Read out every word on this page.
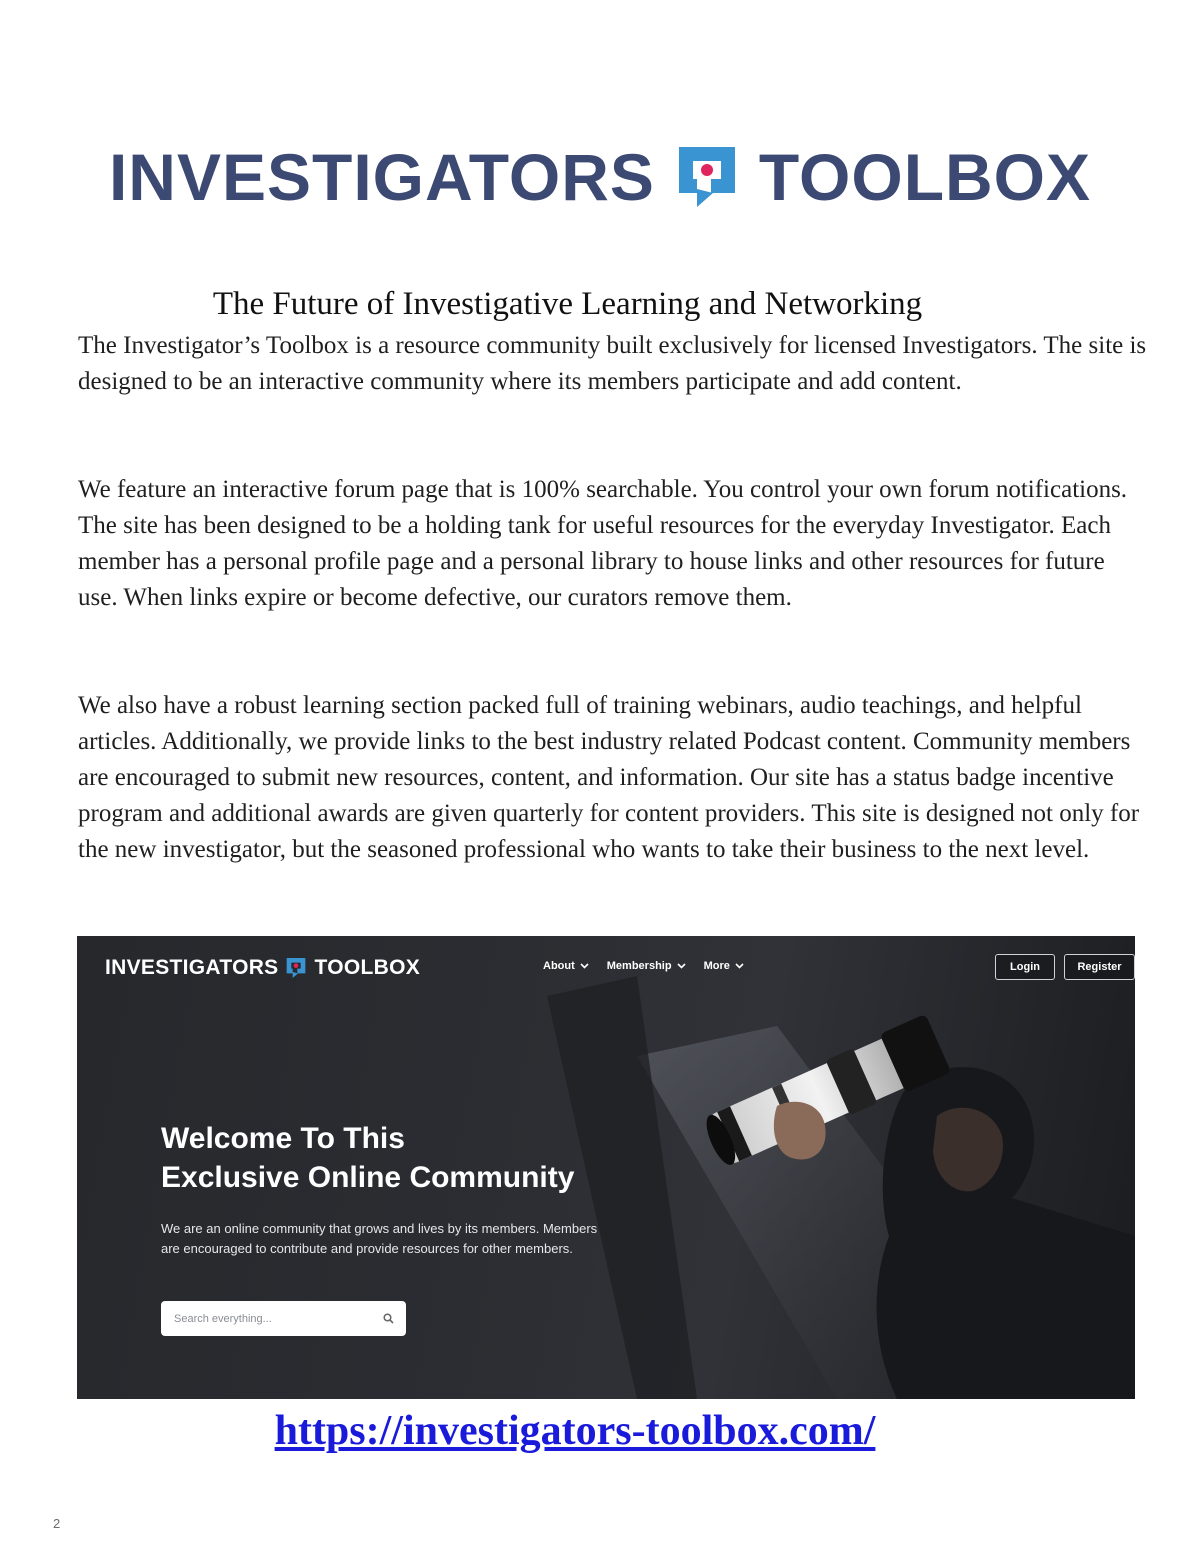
INVESTIGATORS TOOLBOX
The Future of Investigative Learning and Networking

The Investigator’s Toolbox is a resource community built exclusively for licensed Investigators. The site is designed to be an interactive community where its members participate and add content.

We feature an interactive forum page that is 100% searchable. You control your own forum notifications. The site has been designed to be a holding tank for useful resources for the everyday Investigator. Each member has a personal profile page and a personal library to house links and other resources for future use. When links expire or become defective, our curators remove them.

We also have a robust learning section packed full of training webinars, audio teachings, and helpful articles. Additionally, we provide links to the best industry related Podcast content. Community members are encouraged to submit new resources, content, and information. Our site has a status badge incentive program and additional awards are given quarterly for content providers. This site is designed not only for the new investigator, but the seasoned professional who wants to take their business to the next level.

INVESTIGATORS TOOLBOX	About	Membership	More	Login	Register
Welcome To This
Exclusive Online Community

We are an online community that grows and lives by its members. Members are encouraged to contribute and provide resources for other members.

Search everything...
https://investigators-toolbox.com/
2
